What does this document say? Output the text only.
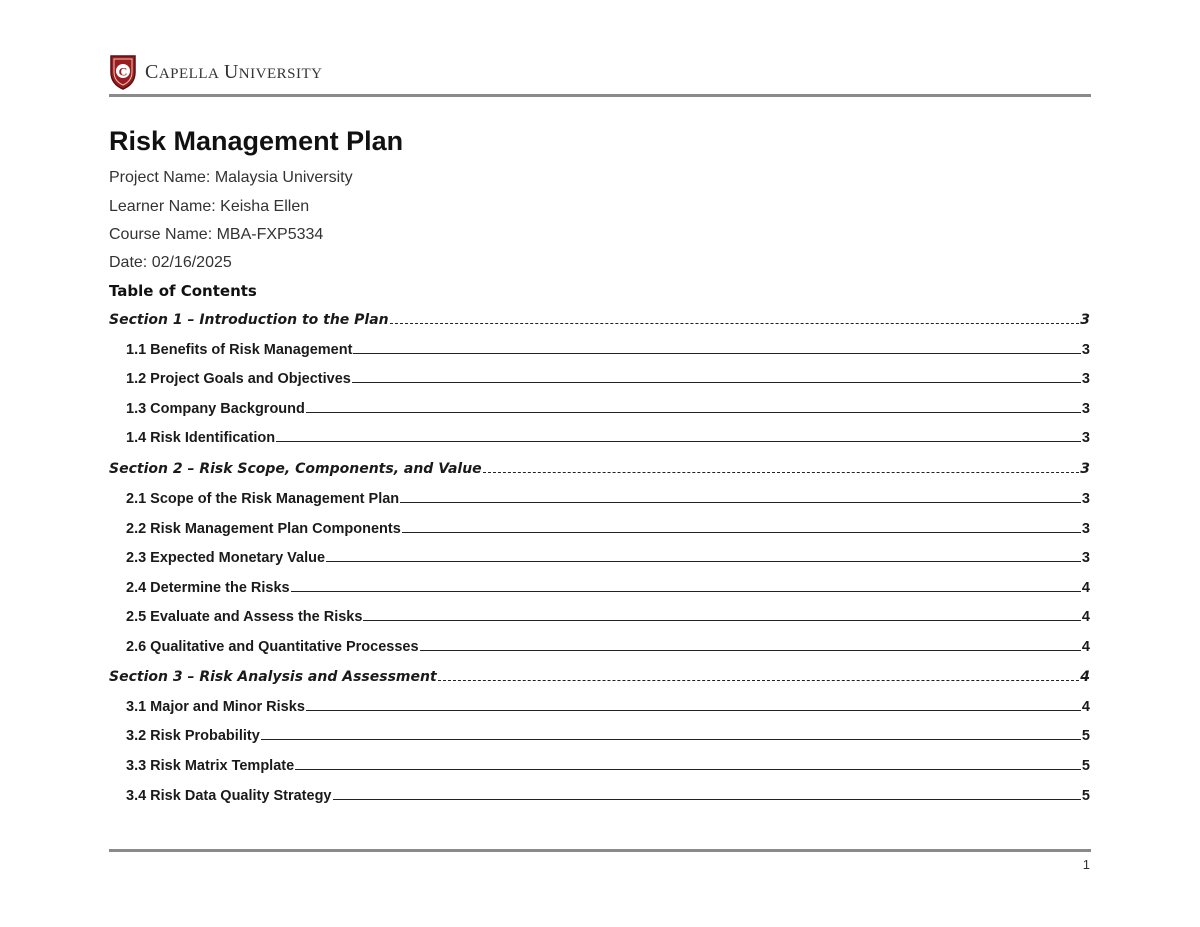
C CAPELLA UNIVERSITY
Risk Management Plan
Project Name: Malaysia University
Learner Name: Keisha Ellen
Course Name: MBA-FXP5334
Date: 02/16/2025
Table of Contents
Section 1 – Introduction to the Plan	3
1.1 Benefits of Risk Management	3
1.2 Project Goals and Objectives	3
1.3 Company Background	3
1.4 Risk Identification	3
Section 2 – Risk Scope, Components, and Value	3
2.1 Scope of the Risk Management Plan	3
2.2 Risk Management Plan Components	3
2.3 Expected Monetary Value	3
2.4 Determine the Risks	4
2.5 Evaluate and Assess the Risks	4
2.6 Qualitative and Quantitative Processes	4
Section 3 – Risk Analysis and Assessment	4
3.1 Major and Minor Risks	4
3.2 Risk Probability	5
3.3 Risk Matrix Template	5
3.4 Risk Data Quality Strategy	5
1
